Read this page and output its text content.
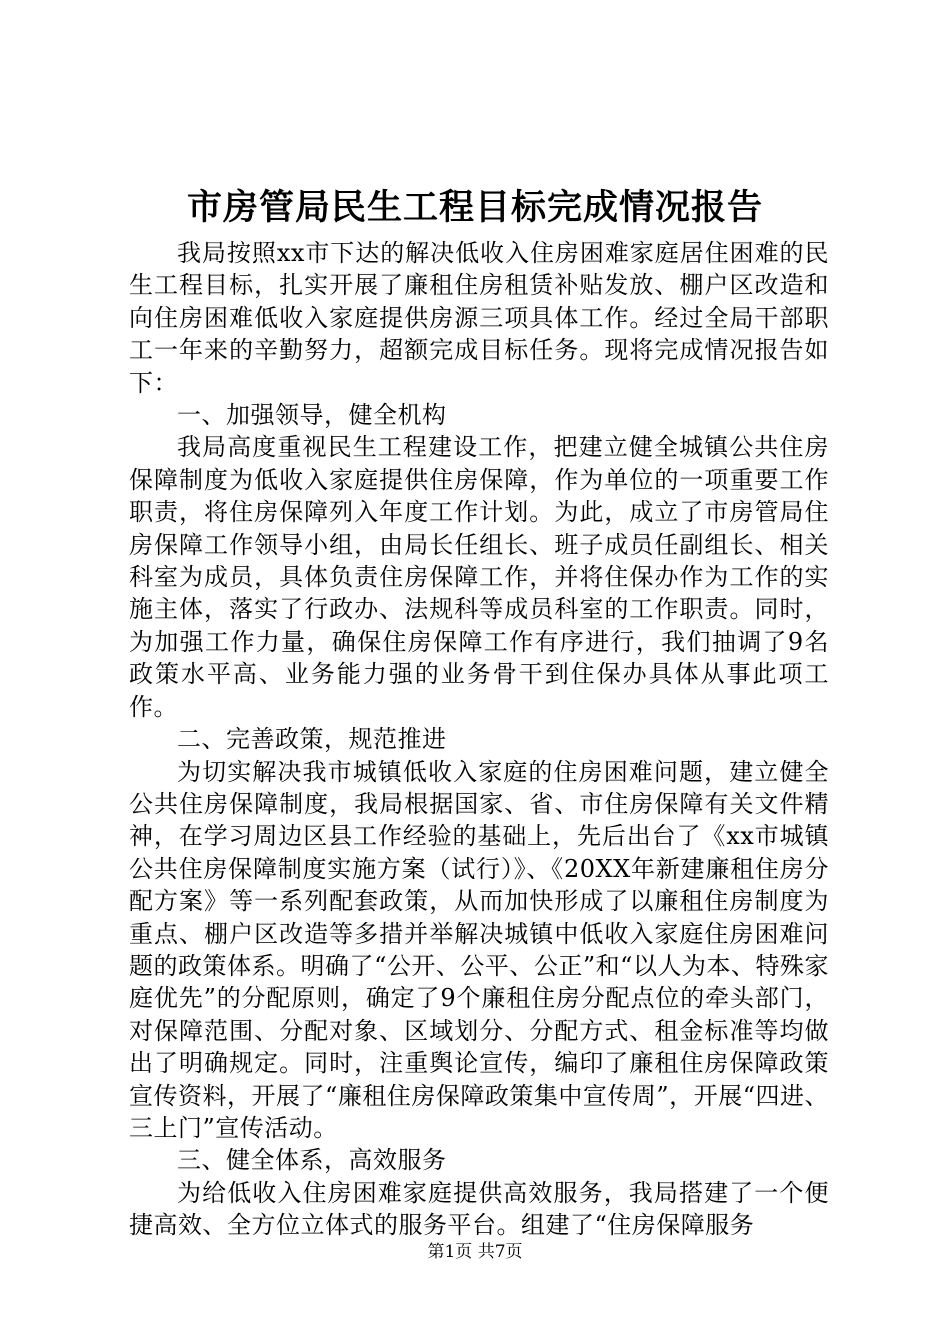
市房管局民生工程目标完成情况报告

我局按照xx市下达的解决低收入住房困难家庭居住困难的民生工程目标，扎实开展了廉租住房租赁补贴发放、棚户区改造和向住房困难低收入家庭提供房源三项具体工作。经过全局干部职工一年来的辛勤努力，超额完成目标任务。现将完成情况报告如下：

一、加强领导，健全机构

我局高度重视民生工程建设工作，把建立健全城镇公共住房保障制度为低收入家庭提供住房保障，作为单位的一项重要工作职责，将住房保障列入年度工作计划。为此，成立了市房管局住房保障工作领导小组，由局长任组长、班子成员任副组长、相关科室为成员，具体负责住房保障工作，并将住保办作为工作的实施主体，落实了行政办、法规科等成员科室的工作职责。同时，为加强工作力量，确保住房保障工作有序进行，我们抽调了9名政策水平高、业务能力强的业务骨干到住保办具体从事此项工作。

二、完善政策，规范推进

为切实解决我市城镇低收入家庭的住房困难问题，建立健全公共住房保障制度，我局根据国家、省、市住房保障有关文件精神，在学习周边区县工作经验的基础上，先后出台了《xx市城镇公共住房保障制度实施方案（试行）》、《20XX年新建廉租住房分配方案》等一系列配套政策，从而加快形成了以廉租住房制度为重点、棚户区改造等多措并举解决城镇中低收入家庭住房困难问题的政策体系。明确了“公开、公平、公正”和“以人为本、特殊家庭优先”的分配原则，确定了9个廉租住房分配点位的牵头部门，对保障范围、分配对象、区域划分、分配方式、租金标准等均做出了明确规定。同时，注重舆论宣传，编印了廉租住房保障政策宣传资料，开展了“廉租住房保障政策集中宣传周”，开展“四进、三上门”宣传活动。

三、健全体系，高效服务

为给低收入住房困难家庭提供高效服务，我局搭建了一个便捷高效、全方位立体式的服务平台。组建了“住房保障服务

第1页 共7页
